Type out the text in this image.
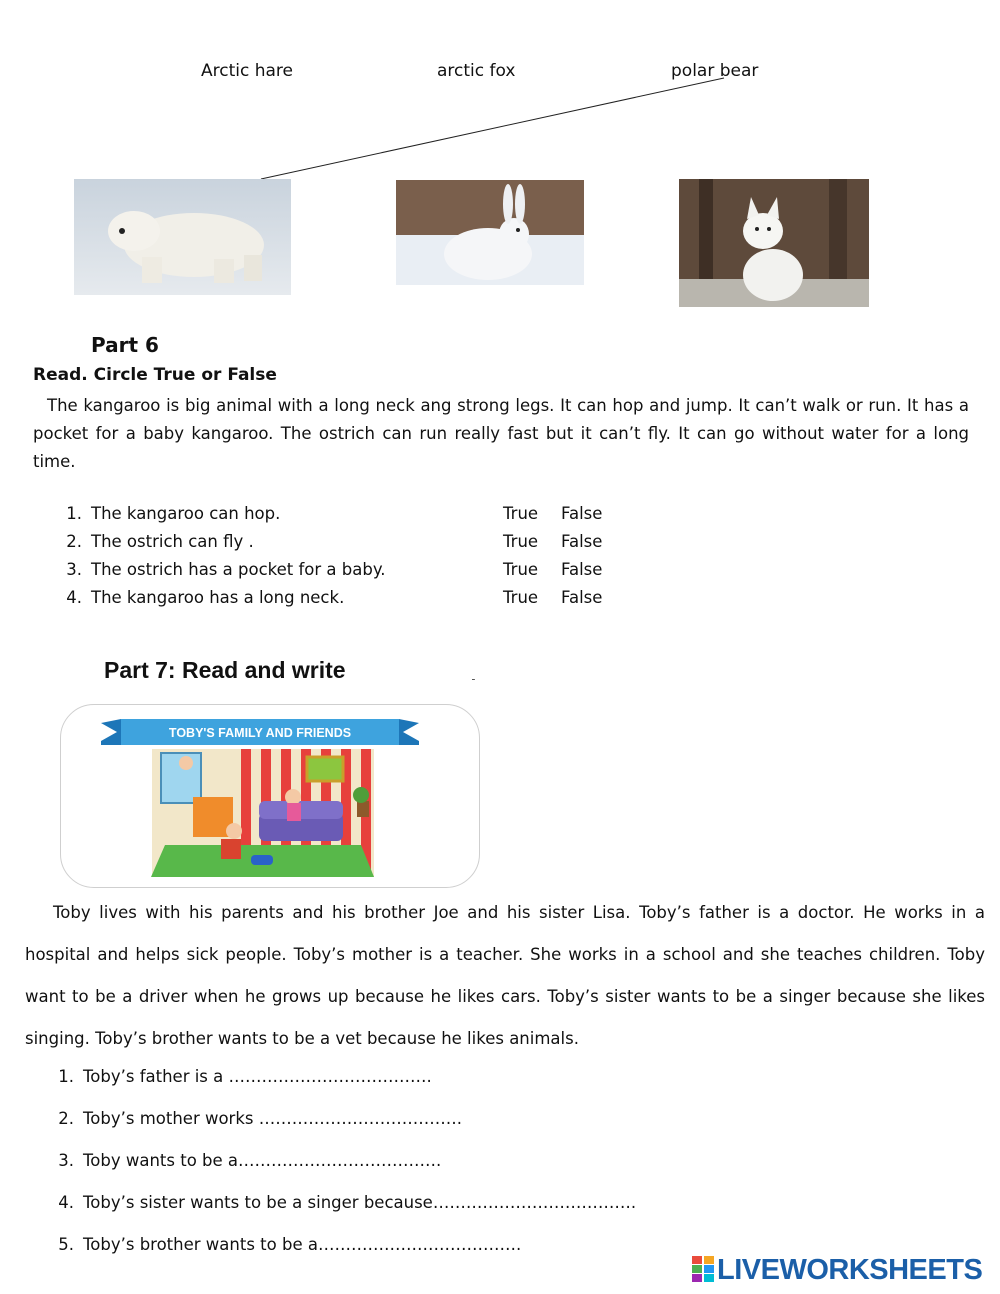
Arctic hare	arctic fox	polar bear
Part 6
Read. Circle True or False
The kangaroo is big animal with a long neck ang strong legs. It can hop and jump. It can’t walk or run. It has a pocket for a baby kangaroo. The ostrich can run really fast but it can’t fly. It can go without water for a long time.
1. The kangaroo can hop.	True False
2. The ostrich can fly .	True False
3. The ostrich has a pocket for a baby.	True False
4. The kangaroo has a long neck.	True False
Part 7: Read and write

TOBY'S FAMILY AND FRIENDS
Toby lives with his parents and his brother Joe and his sister Lisa. Toby’s father is a doctor. He works in a hospital and helps sick people. Toby’s mother is a teacher. She works in a school and she teaches children. Toby want to be a driver when he grows up because he likes cars. Toby’s sister wants to be a singer because she likes singing. Toby’s brother wants to be a vet because he likes animals.
1. Toby’s father is a ……………………………….
2. Toby’s mother works ……………………………….
3. Toby wants to be a……………………………….
4. Toby’s sister wants to be a singer because……………………………….
5. Toby’s brother wants to be a……………………………….
LIVEWORKSHEETS
